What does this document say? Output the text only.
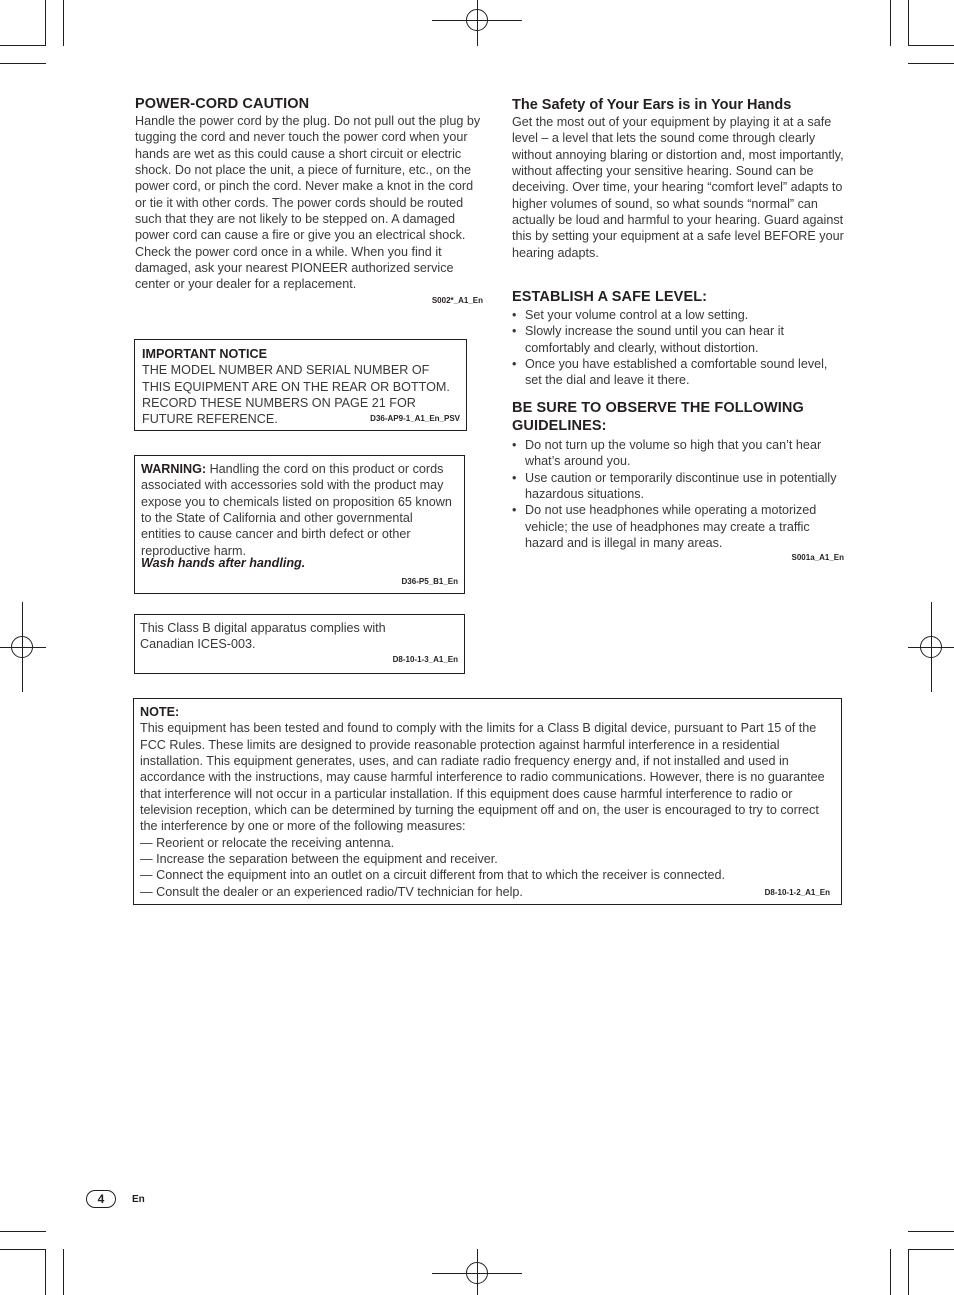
POWER-CORD CAUTION
Handle the power cord by the plug. Do not pull out the plug by tugging the cord and never touch the power cord when your hands are wet as this could cause a short circuit or electric shock. Do not place the unit, a piece of furniture, etc., on the power cord, or pinch the cord. Never make a knot in the cord or tie it with other cords. The power cords should be routed such that they are not likely to be stepped on. A damaged power cord can cause a fire or give you an electrical shock. Check the power cord once in a while. When you find it damaged, ask your nearest PIONEER authorized service center or your dealer for a replacement.
S002*_A1_En
IMPORTANT NOTICE
THE MODEL NUMBER AND SERIAL NUMBER OF THIS EQUIPMENT ARE ON THE REAR OR BOTTOM. RECORD THESE NUMBERS ON PAGE 21 FOR FUTURE REFERENCE.	D36-AP9-1_A1_En_PSV
WARNING: Handling the cord on this product or cords associated with accessories sold with the product may expose you to chemicals listed on proposition 65 known to the State of California and other governmental entities to cause cancer and birth defect or other reproductive harm.
Wash hands after handling.
D36-P5_B1_En
This Class B digital apparatus complies with Canadian ICES-003.
D8-10-1-3_A1_En
The Safety of Your Ears is in Your Hands
Get the most out of your equipment by playing it at a safe level – a level that lets the sound come through clearly without annoying blaring or distortion and, most importantly, without affecting your sensitive hearing. Sound can be deceiving. Over time, your hearing “comfort level” adapts to higher volumes of sound, so what sounds “normal” can actually be loud and harmful to your hearing. Guard against this by setting your equipment at a safe level BEFORE your hearing adapts.
ESTABLISH A SAFE LEVEL:
• Set your volume control at a low setting.
• Slowly increase the sound until you can hear it comfortably and clearly, without distortion.
• Once you have established a comfortable sound level, set the dial and leave it there.
BE SURE TO OBSERVE THE FOLLOWING GUIDELINES:
• Do not turn up the volume so high that you can’t hear what’s around you.
• Use caution or temporarily discontinue use in potentially hazardous situations.
• Do not use headphones while operating a motorized vehicle; the use of headphones may create a traffic hazard and is illegal in many areas.
S001a_A1_En
NOTE:
This equipment has been tested and found to comply with the limits for a Class B digital device, pursuant to Part 15 of the FCC Rules. These limits are designed to provide reasonable protection against harmful interference in a residential installation. This equipment generates, uses, and can radiate radio frequency energy and, if not installed and used in accordance with the instructions, may cause harmful interference to radio communications. However, there is no guarantee that interference will not occur in a particular installation. If this equipment does cause harmful interference to radio or television reception, which can be determined by turning the equipment off and on, the user is encouraged to try to correct the interference by one or more of the following measures:
— Reorient or relocate the receiving antenna.
— Increase the separation between the equipment and receiver.
— Connect the equipment into an outlet on a circuit different from that to which the receiver is connected.
— Consult the dealer or an experienced radio/TV technician for help.	D8-10-1-2_A1_En
4	En
